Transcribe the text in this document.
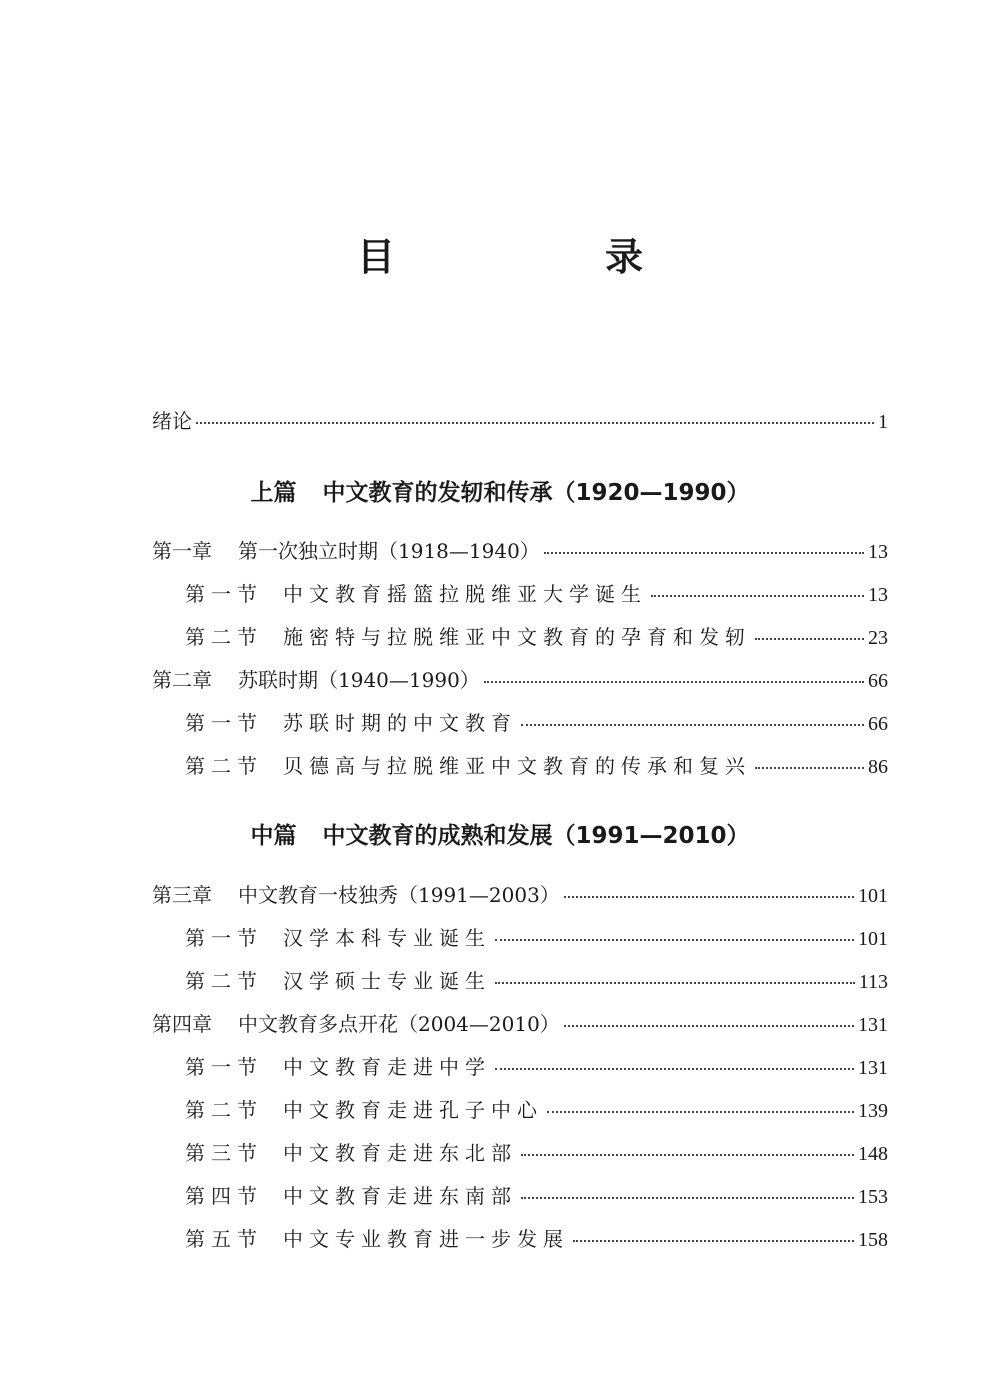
目　录
绪论	1
上篇 中文教育的发轫和传承（1920—1990）
第一章 第一次独立时期（1918—1940）	13
第一节 中文教育摇篮拉脱维亚大学诞生	13
第二节 施密特与拉脱维亚中文教育的孕育和发轫	23
第二章 苏联时期（1940—1990）	66
第一节 苏联时期的中文教育	66
第二节 贝德高与拉脱维亚中文教育的传承和复兴	86
中篇 中文教育的成熟和发展（1991—2010）
第三章 中文教育一枝独秀（1991—2003）	101
第一节 汉学本科专业诞生	101
第二节 汉学硕士专业诞生	113
第四章 中文教育多点开花（2004—2010）	131
第一节 中文教育走进中学	131
第二节 中文教育走进孔子中心	139
第三节 中文教育走进东北部	148
第四节 中文教育走进东南部	153
第五节 中文专业教育进一步发展	158
